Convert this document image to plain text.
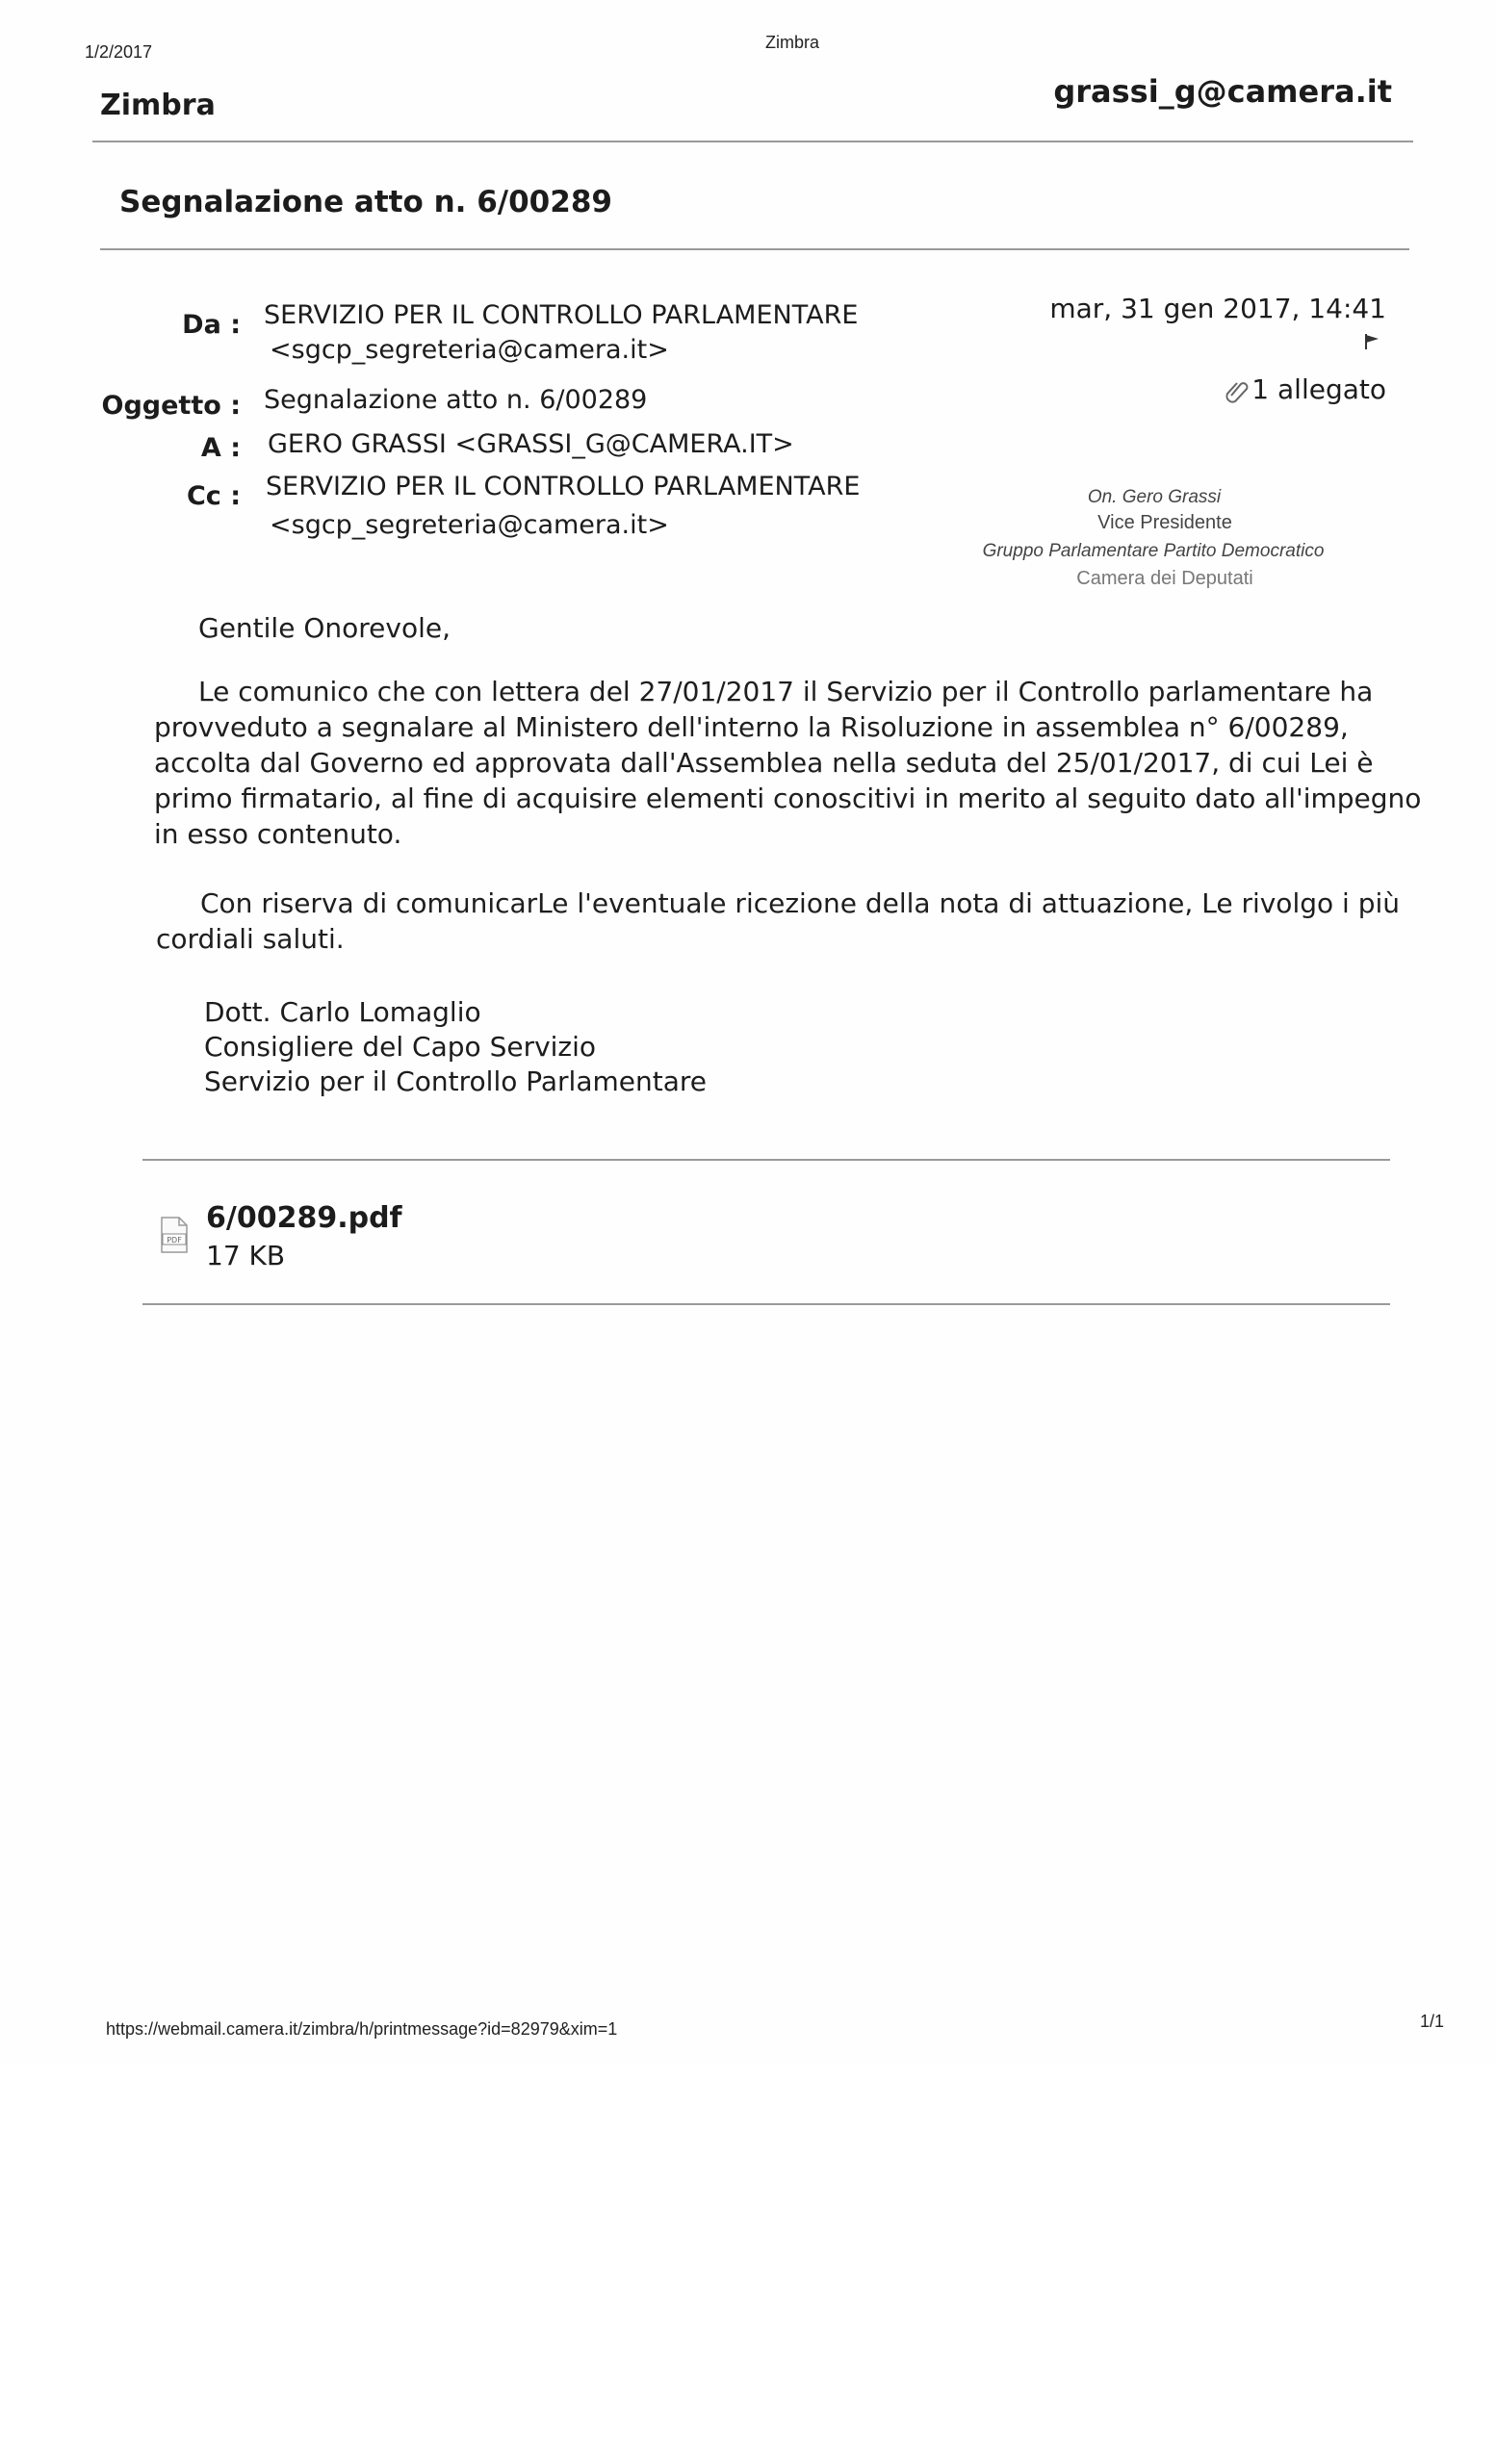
1/2/2017	Zimbra
Zimbra	grassi_g@camera.it
Segnalazione atto n. 6/00289
Da : SERVIZIO PER IL CONTROLLO PARLAMENTARE
<sgcp_segreteria@camera.it>
Oggetto : Segnalazione atto n. 6/00289
A : GERO GRASSI <GRASSI_G@CAMERA.IT>
Cc : SERVIZIO PER IL CONTROLLO PARLAMENTARE
<sgcp_segreteria@camera.it>
mar, 31 gen 2017, 14:41
1 allegato
On. Gero Grassi
Vice Presidente
Gruppo Parlamentare Partito Democratico
Camera dei Deputati
Gentile Onorevole,
Le comunico che con lettera del 27/01/2017 il Servizio per il Controllo parlamentare ha
provveduto a segnalare al Ministero dell'interno la Risoluzione in assemblea n° 6/00289,
accolta dal Governo ed approvata dall'Assemblea nella seduta del 25/01/2017, di cui Lei è
primo firmatario, al fine di acquisire elementi conoscitivi in merito al seguito dato all'impegno
in esso contenuto.
Con riserva di comunicarLe l'eventuale ricezione della nota di attuazione, Le rivolgo i più
cordiali saluti.
Dott. Carlo Lomaglio
Consigliere del Capo Servizio
Servizio per il Controllo Parlamentare
PDF
6/00289.pdf
17 KB
https://webmail.camera.it/zimbra/h/printmessage?id=82979&xim=1	1/1
